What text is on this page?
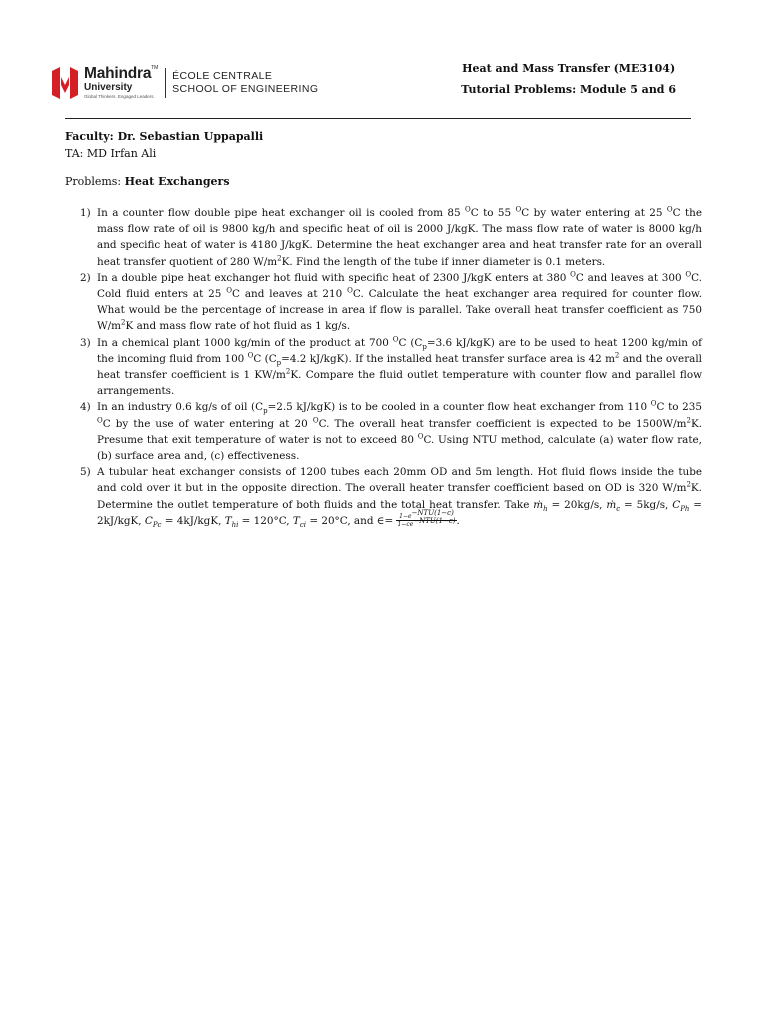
Mahindra™
University
Global Thinkers. Engaged Leaders.
ÉCOLE CENTRALE
SCHOOL OF ENGINEERING
Heat and Mass Transfer (ME3104)
Tutorial Problems: Module 5 and 6
Faculty: Dr. Sebastian Uppapalli
TA: MD Irfan Ali
Problems: Heat Exchangers
1) In a counter flow double pipe heat exchanger oil is cooled from 85 $^O$C to 55 $^O$C by water entering at 25 $^O$C the mass flow rate of oil is 9800 kg/h and specific heat of oil is 2000 J/kgK. The mass flow rate of water is 8000 kg/h and specific heat of water is 4180 J/kgK. Determine the heat exchanger area and heat transfer rate for an overall heat transfer quotient of 280 $W/m^2K$. Find the length of the tube if inner diameter is 0.1 meters.
2) In a double pipe heat exchanger hot fluid with specific heat of 2300 J/kgK enters at 380 $^O$C and leaves at 300 $^O$C. Cold fluid enters at 25 $^O$C and leaves at 210 $^O$C. Calculate the heat exchanger area required for counter flow. What would be the percentage of increase in area if flow is parallel. Take overall heat transfer coefficient as 750 $W/m^2K$ and mass flow rate of hot fluid as 1 kg/s.
3) In a chemical plant 1000 kg/min of the product at 700 $^O$C ($C_p=3.6$ kJ/kgK) are to be used to heat 1200 kg/min of the incoming fluid from 100 $^O$C ($C_p=4.2$ kJ/kgK). If the installed heat transfer surface area is 42 $m^2$ and the overall heat transfer coefficient is 1 $KW/m^2K$. Compare the fluid outlet temperature with counter flow and parallel flow arrangements.
4) In an industry 0.6 kg/s of oil ($C_p=2.5$ kJ/kgK) is to be cooled in a counter flow heat exchanger from 110 $^O$C to 235 $^O$C by the use of water entering at 20 $^O$C. The overall heat transfer coefficient is expected to be $1500W/m^2K$. Presume that exit temperature of water is not to exceed 80 $^O$C. Using NTU method, calculate (a) water flow rate, (b) surface area and, (c) effectiveness.
5) A tubular heat exchanger consists of 1200 tubes each 20mm OD and 5m length. Hot fluid flows inside the tube and cold over it but in the opposite direction. The overall heater transfer coefficient based on OD is 320 $W/m^2K$. Determine the outlet temperature of both fluids and the total heat transfer. Take ṁ$_h$ = 20kg/s, ṁ$_c$ = 5kg/s, $C_{Ph} = 2kJ/kgK$, $C_{Pc} = 4kJ/kgK$, $T_{hi} = 120^\circ C$, $T_{ci} = 20^\circ C$, and ∈= $\frac{1-e^{-NTU(1-c)}}{1-ce^{-NTU(1-c)}}$ .
